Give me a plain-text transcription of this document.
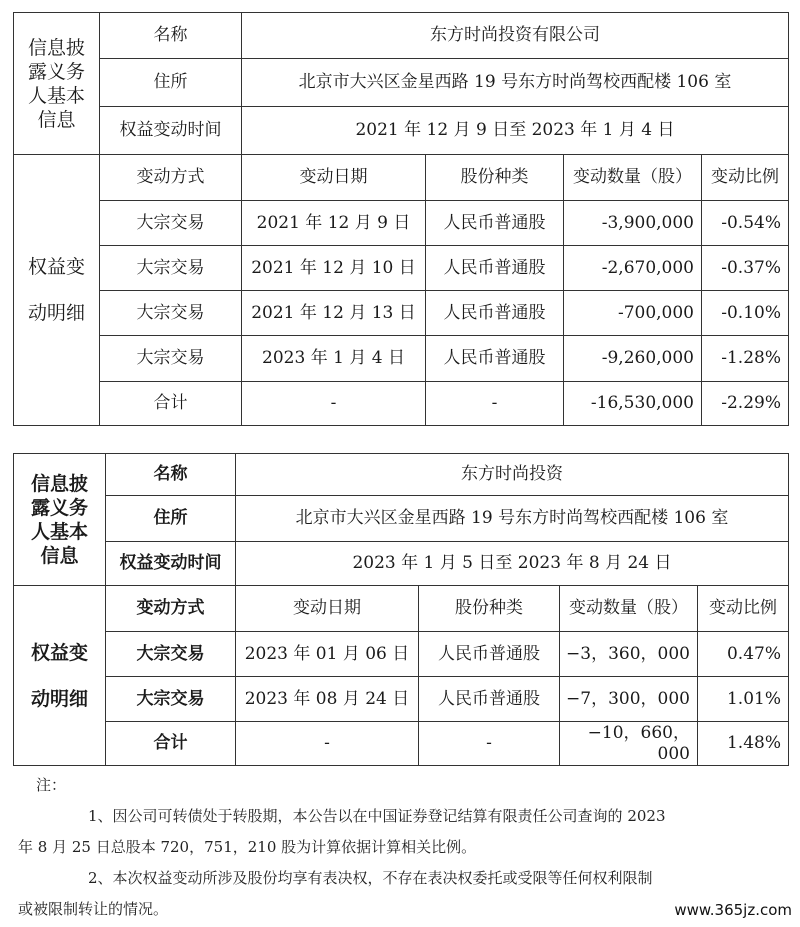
信息披露义务人基本信息	名称	东方时尚投资有限公司			
	住所	北京市大兴区金星西路 19 号东方时尚驾校西配楼 106 室			
	权益变动时间	2021 年 12 月 9 日至 2023 年 1 月 4 日			
权益变动明细	变动方式	变动日期	股份种类	变动数量（股）	变动比例
	大宗交易	2021 年 12 月 9 日	人民币普通股	-3,900,000	-0.54%
	大宗交易	2021 年 12 月 10 日	人民币普通股	-2,670,000	-0.37%
	大宗交易	2021 年 12 月 13 日	人民币普通股	-700,000	-0.10%
	大宗交易	2023 年 1 月 4 日	人民币普通股	-9,260,000	-1.28%
	合计	-	-	-16,530,000	-2.29%
信息披露义务人基本信息	名称	东方时尚投资			
	住所	北京市大兴区金星西路 19 号东方时尚驾校西配楼 106 室			
	权益变动时间	2023 年 1 月 5 日至 2023 年 8 月 24 日			
权益变动明细	变动方式	变动日期	股份种类	变动数量（股）	变动比例
	大宗交易	2023 年 01 月 06 日	人民币普通股	−3，360，000	0.47%
	大宗交易	2023 年 08 月 24 日	人民币普通股	−7，300，000	1.01%
	合计	-	-	−10，660，000	1.48%

注：

1、因公司可转债处于转股期，本公告以在中国证券登记结算有限责任公司查询的 2023

年 8 月 25 日总股本 720，751，210 股为计算依据计算相关比例。

2、本次权益变动所涉及股份均享有表决权，不存在表决权委托或受限等任何权利限制

或被限制转让的情况。	www.365jz.com
